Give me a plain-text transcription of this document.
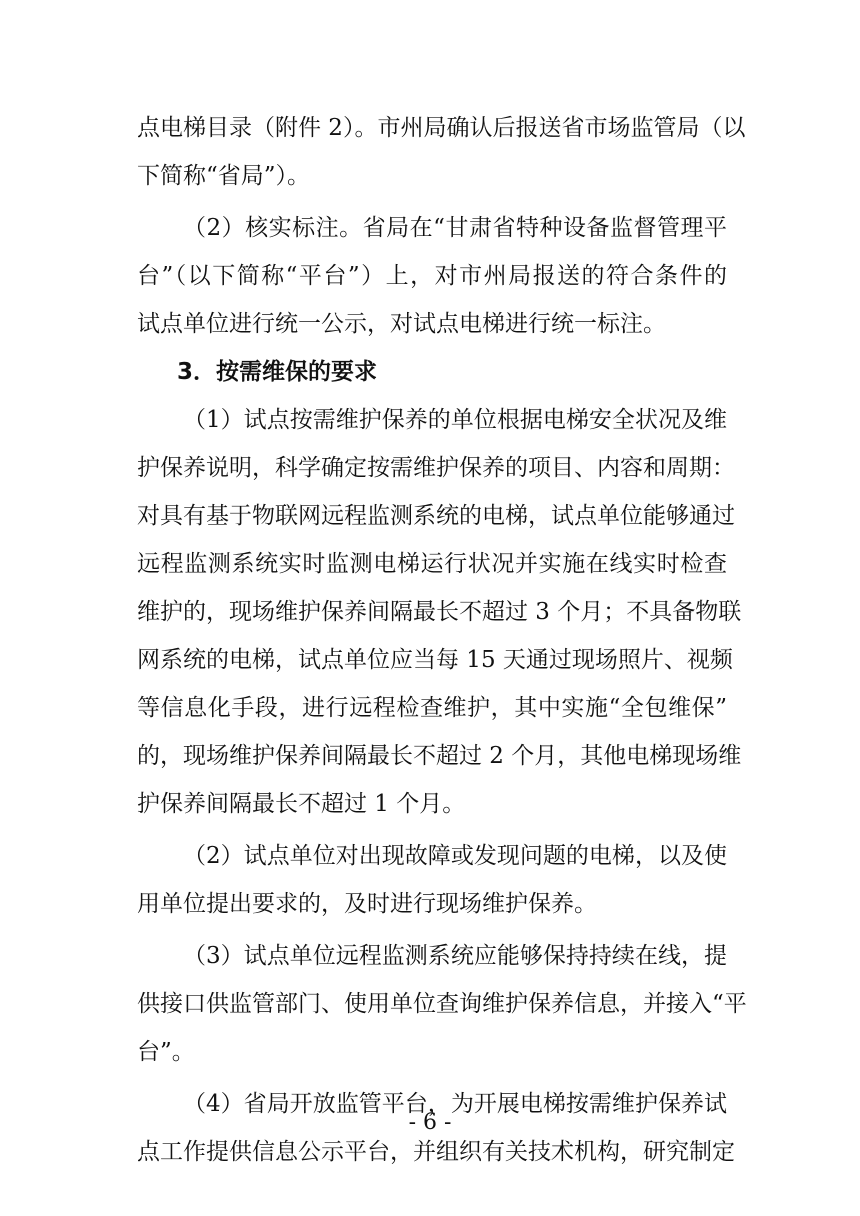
点电梯目录（附件 2）。市州局确认后报送省市场监管局（以
下简称“省局”）。
（2）核实标注。省局在“甘肃省特种设备监督管理平
台”（以下简称“平台”）上，对市州局报送的符合条件的
试点单位进行统一公示，对试点电梯进行统一标注。
3．按需维保的要求
（1）试点按需维护保养的单位根据电梯安全状况及维
护保养说明，科学确定按需维护保养的项目、内容和周期：
对具有基于物联网远程监测系统的电梯，试点单位能够通过
远程监测系统实时监测电梯运行状况并实施在线实时检查
维护的，现场维护保养间隔最长不超过 3 个月；不具备物联
网系统的电梯，试点单位应当每 15 天通过现场照片、视频
等信息化手段，进行远程检查维护，其中实施“全包维保”
的，现场维护保养间隔最长不超过 2 个月，其他电梯现场维
护保养间隔最长不超过 1 个月。
（2）试点单位对出现故障或发现问题的电梯，以及使
用单位提出要求的，及时进行现场维护保养。
（3）试点单位远程监测系统应能够保持持续在线，提
供接口供监管部门、使用单位查询维护保养信息，并接入“平
台”。
（4）省局开放监管平台，为开展电梯按需维护保养试
点工作提供信息公示平台，并组织有关技术机构，研究制定
- 6 -
